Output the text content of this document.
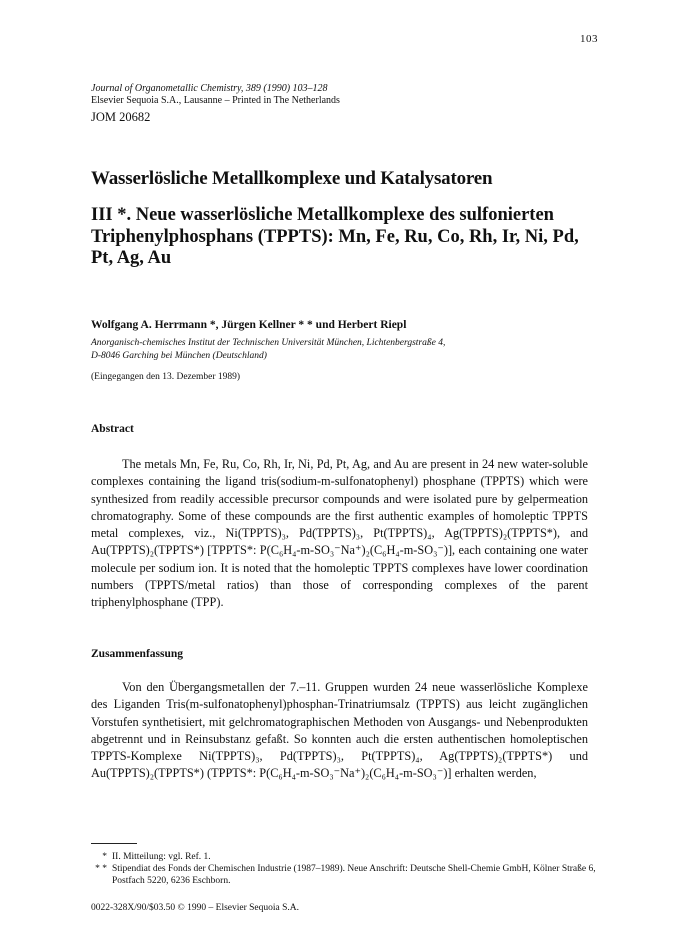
103
Journal of Organometallic Chemistry, 389 (1990) 103–128
Elsevier Sequoia S.A., Lausanne – Printed in The Netherlands
JOM 20682
Wasserlösliche Metallkomplexe und Katalysatoren
III *. Neue wasserlösliche Metallkomplexe des sulfonierten Triphenylphosphans (TPPTS): Mn, Fe, Ru, Co, Rh, Ir, Ni, Pd, Pt, Ag, Au
Wolfgang A. Herrmann *, Jürgen Kellner * * und Herbert Riepl
Anorganisch-chemisches Institut der Technischen Universität München, Lichtenbergstraße 4,
D-8046 Garching bei München (Deutschland)
(Eingegangen den 13. Dezember 1989)
Abstract

The metals Mn, Fe, Ru, Co, Rh, Ir, Ni, Pd, Pt, Ag, and Au are present in 24 new water-soluble complexes containing the ligand tris(sodium-m-sulfonatophenyl) phosphane (TPPTS) which were synthesized from readily accessible precursor compounds and were isolated pure by gelpermeation chromatography. Some of these compounds are the first authentic examples of homoleptic TPPTS metal complexes, viz., Ni(TPPTS)₃, Pd(TPPTS)₃, Pt(TPPTS)₄, Ag(TPPTS)₂(TPPTS*), and Au(TPPTS)₂(TPPTS*) [TPPTS*: P(C₆H₄-m-SO₃⁻Na⁺)₂(C₆H₄-m-SO₃⁻)], each containing one water molecule per sodium ion. It is noted that the homoleptic TPPTS complexes have lower coordination numbers (TPPTS/metal ratios) than those of corresponding complexes of the parent triphenylphosphane (TPP).

Zusammenfassung

Von den Übergangsmetallen der 7.–11. Gruppen wurden 24 neue wasserlösliche Komplexe des Liganden Tris(m-sulfonatophenyl)phosphan-Trinatriumsalz (TPPTS) aus leicht zugänglichen Vorstufen synthetisiert, mit gelchromatographischen Methoden von Ausgangs- und Nebenprodukten abgetrennt und in Reinsubstanz gefaßt. So konnten auch die ersten authentischen homoleptischen TPPTS-Komplexe Ni(TPPTS)₃, Pd(TPPTS)₃, Pt(TPPTS)₄, Ag(TPPTS)₂(TPPTS*) und Au(TPPTS)₂(TPPTS*) (TPPTS*: P(C₆H₄-m-SO₃⁻Na⁺)₂(C₆H₄-m-SO₃⁻)] erhalten werden,

* II. Mitteilung: vgl. Ref. 1.
* * Stipendiat des Fonds der Chemischen Industrie (1987–1989). Neue Anschrift: Deutsche Shell-Chemie GmbH, Kölner Straße 6, Postfach 5220, 6236 Eschborn.
0022-328X/90/$03.50 © 1990 – Elsevier Sequoia S.A.
